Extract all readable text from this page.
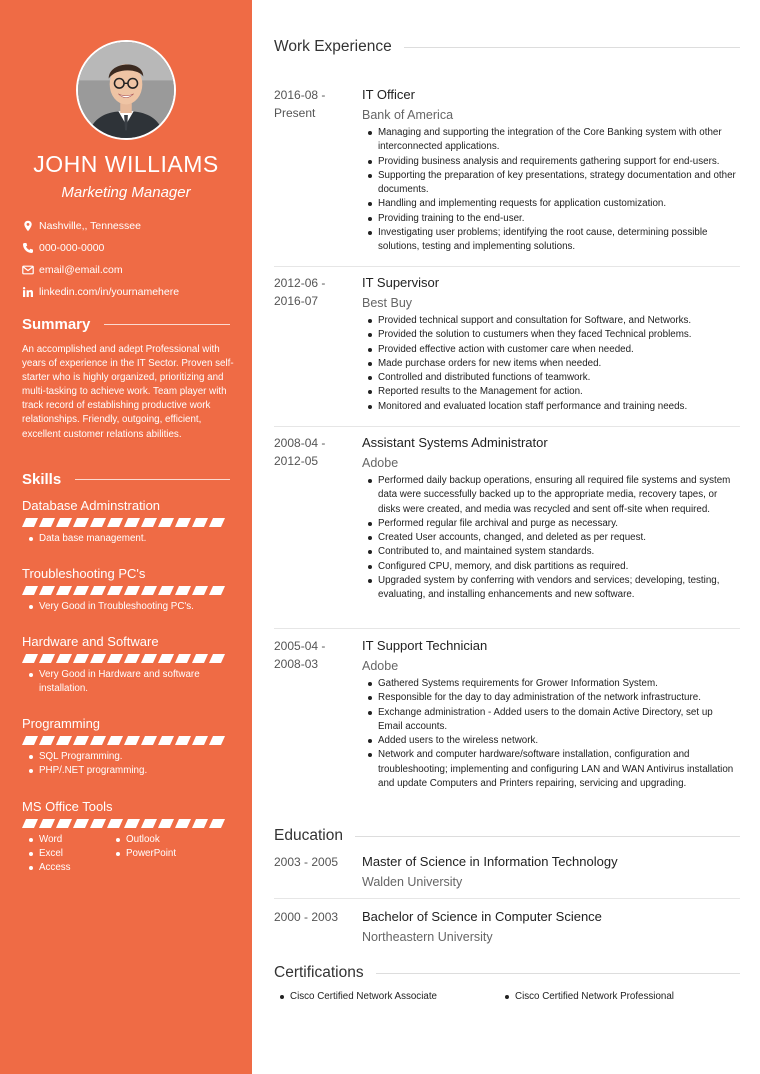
JOHN WILLIAMS
Marketing Manager
Nashville,, Tennessee
000-000-0000
email@email.com
linkedin.com/in/yournamehere
Summary
An accomplished and adept Professional with years of experience in the IT Sector. Proven self-starter who is highly organized, prioritizing and multi-tasking to achieve work. Team player with track record of establishing productive work relationships. Friendly, outgoing, efficient, excellent customer relations abilities.
Skills
Database Adminstration
Data base management.
Troubleshooting PC's
Very Good in Troubleshooting PC's.
Hardware and Software
Very Good in Hardware and software installation.
Programming
SQL Programming.
PHP/.NET programming.
MS Office Tools
Word	Outlook
Excel	PowerPoint
Access
Work Experience
2016-08 -
Present
IT Officer
Bank of America
Managing and supporting the integration of the Core Banking system with other interconnected applications.
Providing business analysis and requirements gathering support for end-users.
Supporting the preparation of key presentations, strategy documentation and other documents.
Handling and implementing requests for application customization.
Providing training to the end-user.
Investigating user problems; identifying the root cause, determining possible solutions, testing and implementing solutions.
2012-06 -
2016-07
IT Supervisor
Best Buy
Provided technical support and consultation for Software, and Networks.
Provided the solution to custumers when they faced Technical problems.
Provided effective action with customer care when needed.
Made purchase orders for new items when needed.
Controlled and distributed functions of teamwork.
Reported results to the Management for action.
Monitored and evaluated location staff performance and training needs.
2008-04 -
2012-05
Assistant Systems Administrator
Adobe
Performed daily backup operations, ensuring all required file systems and system data were successfully backed up to the appropriate media, recovery tapes, or disks were created, and media was recycled and sent off-site when required.
Performed regular file archival and purge as necessary.
Created User accounts, changed, and deleted as per request.
Contributed to, and maintained system standards.
Configured CPU, memory, and disk partitions as required.
Upgraded system by conferring with vendors and services; developing, testing, evaluating, and installing enhancements and new software.
2005-04 -
2008-03
IT Support Technician
Adobe
Gathered Systems requirements for Grower Information System.
Responsible for the day to day administration of the network infrastructure.
Exchange administration - Added users to the domain Active Directory, set up Email accounts.
Added users to the wireless network.
Network and computer hardware/software installation, configuration and troubleshooting; implementing and configuring LAN and WAN Antivirus installation and update Computers and Printers repairing, servicing and upgrading.
Education
2003 - 2005 Master of Science in Information Technology
Walden University
2000 - 2003 Bachelor of Science in Computer Science
Northeastern University
Certifications
Cisco Certified Network Associate	Cisco Certified Network Professional
